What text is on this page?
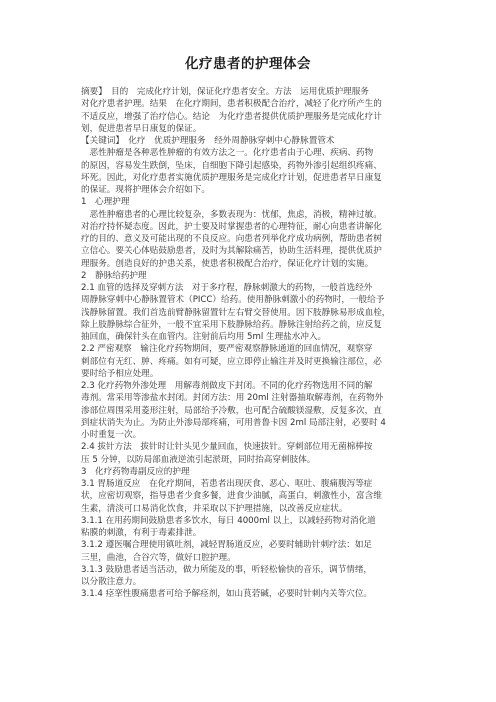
化疗患者的护理体会
摘要】　目的　完成化疗计划，保证化疗患者安全。方法　运用优质护理服务
对化疗患者护理。结果　在化疗期间，患者积极配合治疗，减轻了化疗所产生的
不适反应，增强了治疗信心。结论　为化疗患者提供优质护理服务是完成化疗计
划，促进患者早日康复的保证。
【关键词】　化疗　优质护理服务　经外周静脉穿刺中心静脉置管术
　恶性肿瘤是各种恶性肿瘤的有效方法之一。化疗患者由于心理、疾病、药物
的原因，容易发生跌倒，坠床，自细胞下降引起感染，药物外渗引起组织疼痛、
坏死。因此，对化疗患者实施优质护理服务是完成化疗计划，促进患者早日康复
的保证。现将护理体会介绍如下。
1　心理护理
　恶性肿瘤患者的心理比较复杂，多数表现为：忧郁，焦虑，消极，精神过敏。
对治疗持怀疑态度。因此，护士要及时掌握患者的心理特征，耐心向患者讲解化
疗的目的、意义及可能出现的不良反应。向患者列举化疗成功病例，帮助患者树
立信心。要关心体贴鼓励患者，及时为其解除痛苦，协助生活料理，提供优质护
理服务。创造良好的护患关系，使患者积极配合治疗，保证化疗计划的实施。
2　静脉给药护理
2.1 血管的选择及穿刺方法　对于多疗程，静脉刺激大的药物，一般首选经外
周静脉穿刺中心静脉置管术（PICC）给药。使用静脉刺激小的药物时，一般给予
浅静脉留置。我们首选前臂静脉留置针左右臂交替使用。因下肢静脉易形成血栓，
除上肢静脉综合征外，一般不宜采用下肢静脉给药。静脉注射给药之前，应反复
抽回血，确保针头在血管内。注射前后均用 5ml 生理盐水冲入。
2.2 严密观察　输注化疗药物期间，要严密观察静脉通道的回血情况，观察穿
刺部位有无红、肿、疼痛。如有可疑，应立即停止输注并及时更换输注部位，必
要时给予相应处理。
2.3 化疗药物外渗处理　用解毒剂做皮下封闭。不同的化疗药物选用不同的解
毒剂。常采用等渗盐水封闭。封闭方法：用 20ml 注射器抽取解毒剂，在药物外
渗部位周围采用菱形注射，局部给予冷敷，也可配合硫酸镁湿敷，反复多次，直
到症状消失为止。为防止外渗局部疼痛，可用普鲁卡因 2ml 局部注射，必要时 4
小时重复一次。
2.4 拔针方法　拔针时让针头见少量回血，快速拔针。穿刺部位用无菌棉棒按
压 5 分钟，以防局部血液逆流引起淤斑，同时抬高穿刺肢体。
3　化疗药物毒副反应的护理
3.1 胃肠道反应　在化疗期间，若患者出现厌食、恶心、呕吐、腹痛腹泻等症
状，应密切观察，指导患者少食多餐，进食少油腻，高蛋白，刺激性小，富含维
生素，清淡可口易消化饮食，并采取以下护理措施，以改善反应症状。
3.1.1 在用药期间鼓励患者多饮水，每日 4000ml 以上，以减轻药物对消化道
粘膜的刺激，有利于毒素排泄。
3.1.2 遵医嘱合理使用镇吐剂，减轻胃肠道反应，必要时辅助针刺疗法：如足
三里，曲池，合谷穴等，做好口腔护理。
3.1.3 鼓励患者适当活动，做力所能及的事，听轻松愉快的音乐，调节情绪，
以分散注意力。
3.1.4 痉挛性腹痛患者可给予解痉剂，如山茛菪碱，必要时针刺内关等穴位。
